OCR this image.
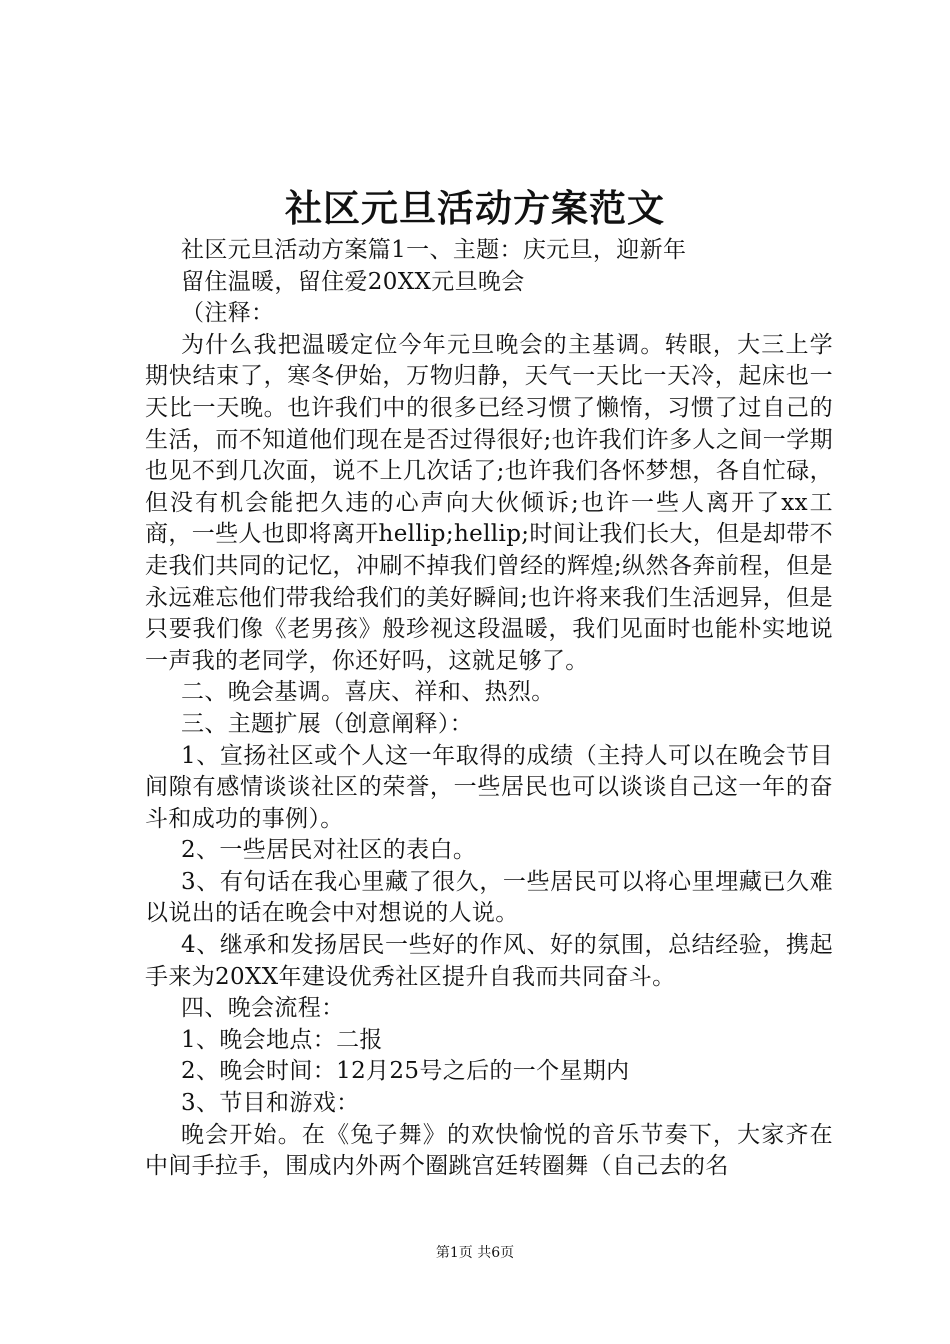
社区元旦活动方案范文

社区元旦活动方案篇1一、主题：庆元旦，迎新年

留住温暖，留住爱20XX元旦晚会

（注释：

为什么我把温暖定位今年元旦晚会的主基调。转眼，大三上学期快结束了，寒冬伊始，万物归静，天气一天比一天冷，起床也一天比一天晚。也许我们中的很多已经习惯了懒惰，习惯了过自己的生活，而不知道他们现在是否过得很好;也许我们许多人之间一学期也见不到几次面，说不上几次话了;也许我们各怀梦想，各自忙碌，但没有机会能把久违的心声向大伙倾诉;也许一些人离开了xx工商，一些人也即将离开hellip;hellip;时间让我们长大，但是却带不走我们共同的记忆，冲刷不掉我们曾经的辉煌;纵然各奔前程，但是永远难忘他们带我给我们的美好瞬间;也许将来我们生活迥异，但是只要我们像《老男孩》般珍视这段温暖，我们见面时也能朴实地说一声我的老同学，你还好吗，这就足够了。

二、晚会基调。喜庆、祥和、热烈。

三、主题扩展（创意阐释）：

1、宣扬社区或个人这一年取得的成绩（主持人可以在晚会节目间隙有感情谈谈社区的荣誉，一些居民也可以谈谈自己这一年的奋斗和成功的事例）。

2、一些居民对社区的表白。

3、有句话在我心里藏了很久，一些居民可以将心里埋藏已久难以说出的话在晚会中对想说的人说。

4、继承和发扬居民一些好的作风、好的氛围，总结经验，携起手来为20XX年建设优秀社区提升自我而共同奋斗。

四、晚会流程：

1、晚会地点：二报

2、晚会时间：12月25号之后的一个星期内

3、节目和游戏：

晚会开始。在《兔子舞》的欢快愉悦的音乐节奏下，大家齐在中间手拉手，围成内外两个圈跳宫廷转圈舞（自己去的名

第1页 共6页
